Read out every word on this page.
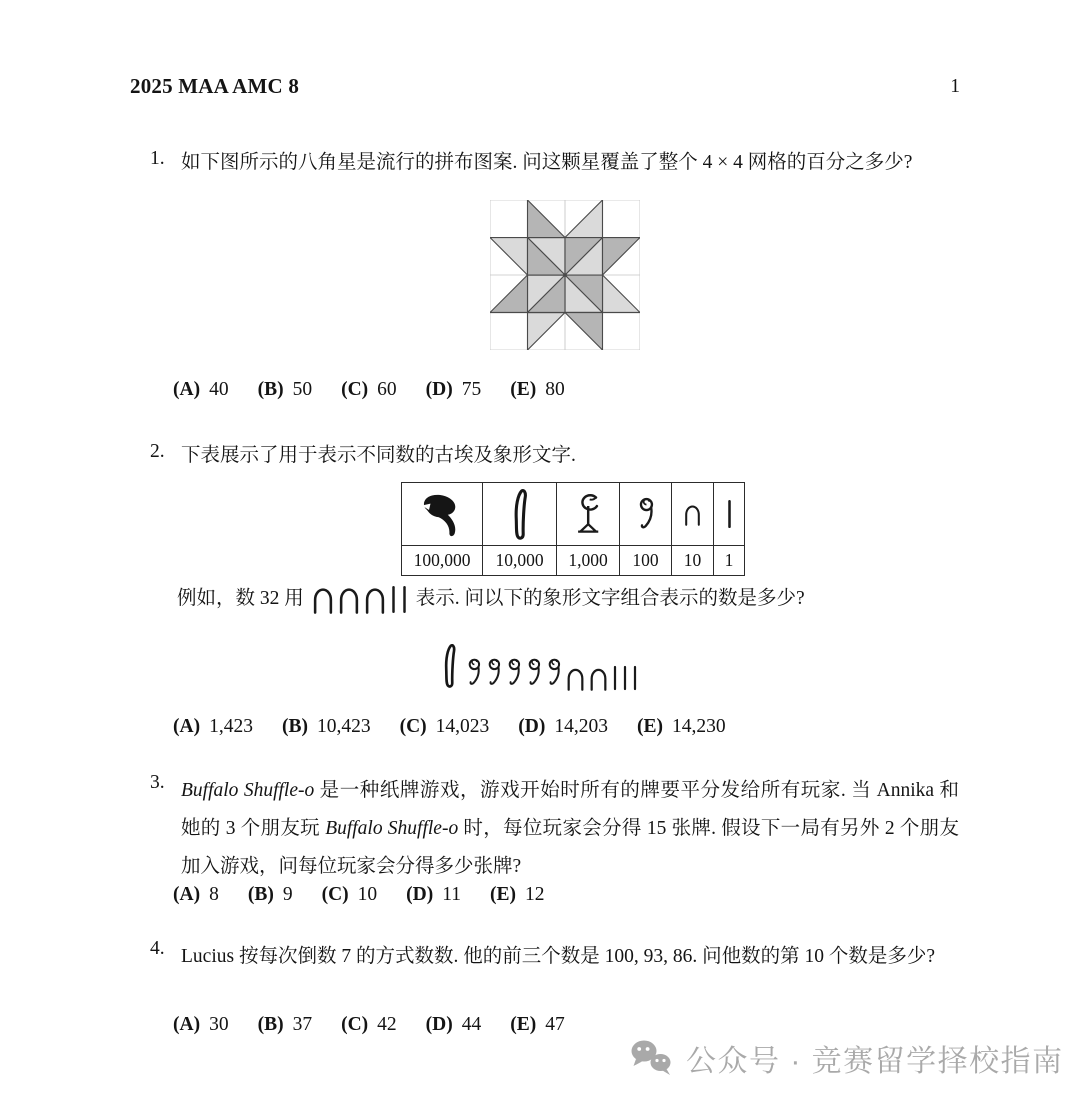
2025 MAA AMC 8	1
1. 如下图所示的八角星是流行的拼布图案. 问这颗星覆盖了整个 4 × 4 网格的百分之多少?
(A) 40 (B) 50 (C) 60 (D) 75 (E) 80
2. 下表展示了用于表示不同数的古埃及象形文字.
100,000	10,000	1,000	100	10	1
例如，数 32 用	表示. 问以下的象形文字组合表示的数是多少?
(A) 1,423 (B) 10,423 (C) 14,023 (D) 14,203 (E) 14,230
3. Buffalo Shuffle-o 是一种纸牌游戏，游戏开始时所有的牌要平分发给所有玩家. 当 Annika 和她的 3 个朋友玩 Buffalo Shuffle-o 时，每位玩家会分得 15 张牌. 假设下一局有另外 2 个朋友加入游戏，问每位玩家会分得多少张牌?
(A) 8 (B) 9 (C) 10 (D) 11 (E) 12
4. Lucius 按每次倒数 7 的方式数数. 他的前三个数是 100, 93, 86. 问他数的第 10 个数是多少?
(A) 30 (B) 37 (C) 42 (D) 44 (E) 47
公众号 · 竞赛留学择校指南
